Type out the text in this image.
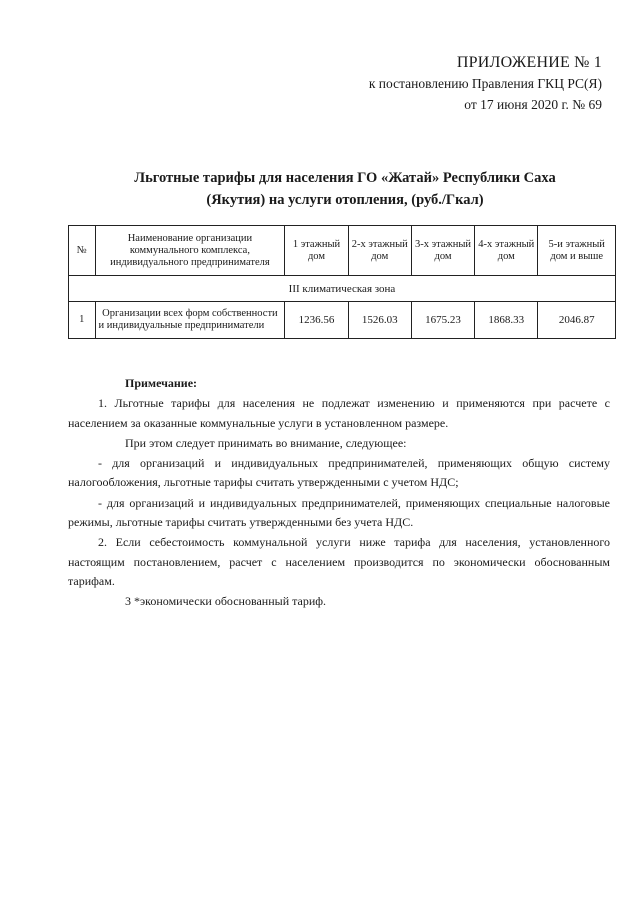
ПРИЛОЖЕНИЕ № 1
к постановлению Правления ГКЦ РС(Я)
от 17 июня 2020 г. № 69
Льготные тарифы для населения ГО «Жатай» Республики Саха
(Якутия) на услуги отопления, (руб./Гкал)
№	Наименование организации коммунального комплекса, индивидуального предпринимателя	1 этажный дом	2-х этажный дом	3-х этажный дом	4-х этажный дом	5-и этажный дом и выше
III климатическая зона						
1	Организации всех форм собственности и индивидуальные предприниматели	1236.56	1526.03	1675.23	1868.33	2046.87

Примечание:

1. Льготные тарифы для населения не подлежат изменению и применяются при расчете с населением за оказанные коммунальные услуги в установленном размере.

При этом следует принимать во внимание, следующее:

- для организаций и индивидуальных предпринимателей, применяющих общую систему налогообложения, льготные тарифы считать утвержденными с учетом НДС;

- для организаций и индивидуальных предпринимателей, применяющих специальные налоговые режимы, льготные тарифы считать утвержденными без учета НДС.

2. Если себестоимость коммунальной услуги ниже тарифа для населения, установленного настоящим постановлением, расчет с населением производится по экономически обоснованным тарифам.

3 *экономически обоснованный тариф.
